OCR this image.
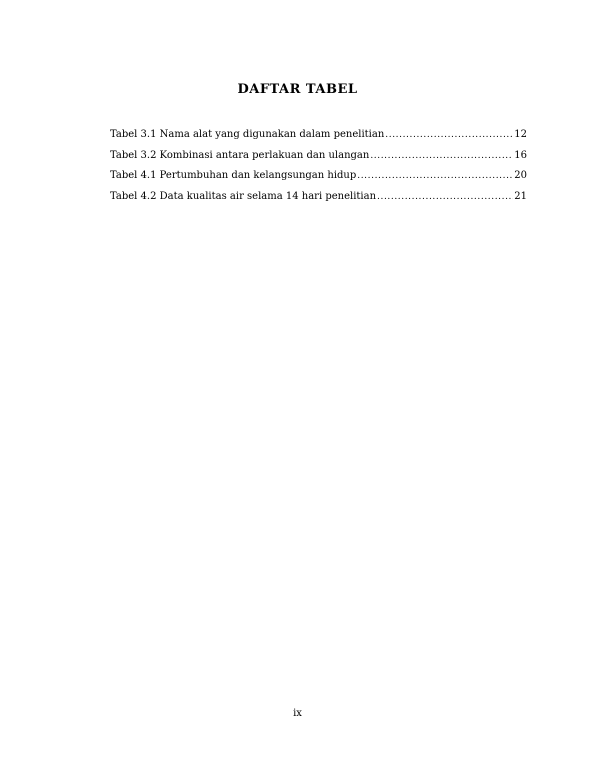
DAFTAR TABEL
Tabel 3.1 Nama alat yang digunakan dalam penelitian .....	12
Tabel 3.2 Kombinasi antara perlakuan dan ulangan .....	16
Tabel 4.1 Pertumbuhan dan kelangsungan hidup .....	20
Tabel 4.2 Data kualitas air selama 14 hari penelitian .....	21
ix
